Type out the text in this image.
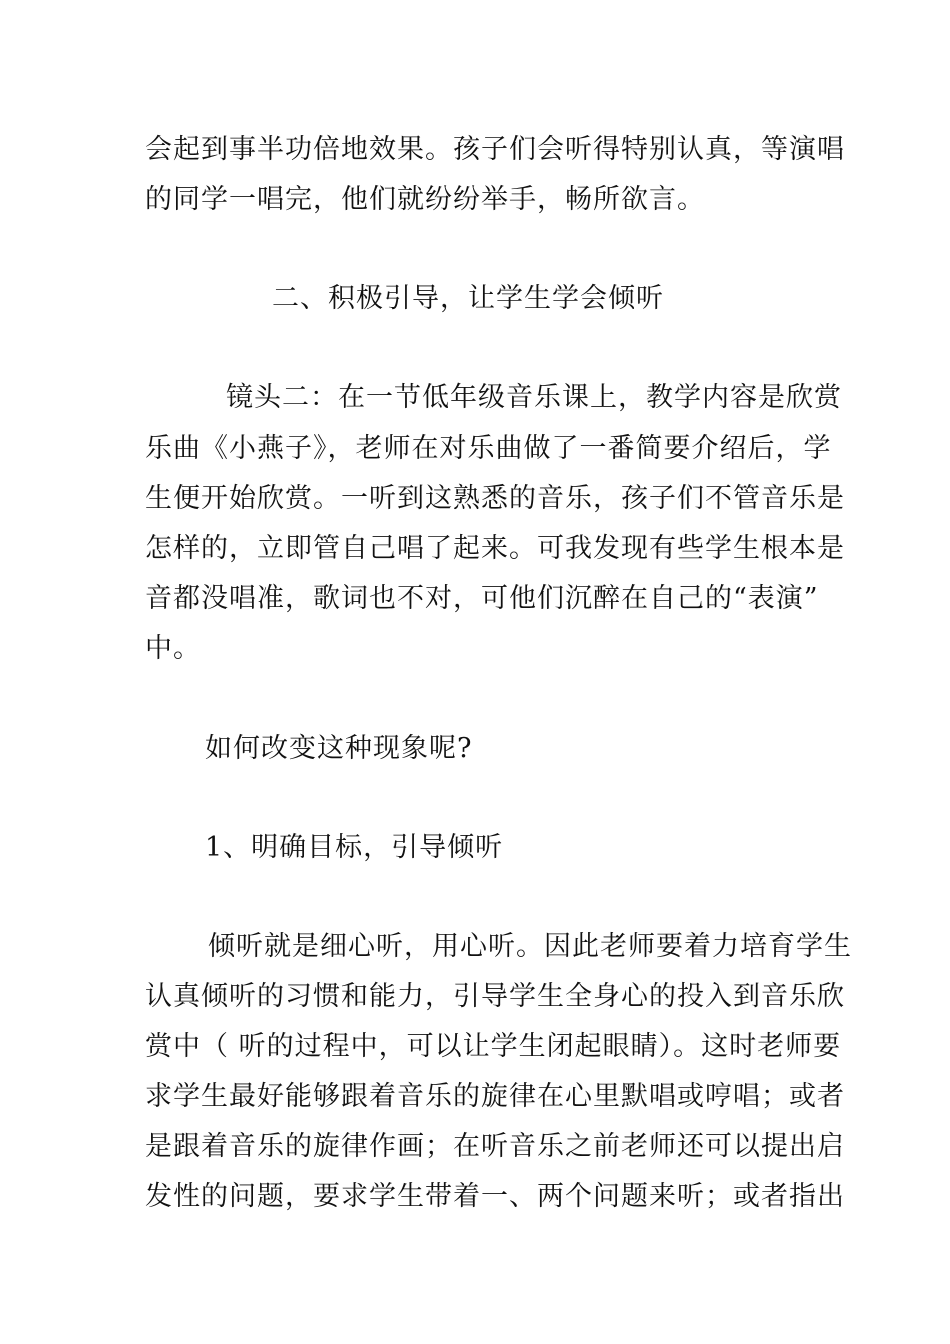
会起到事半功倍地效果。孩子们会听得特别认真，等演唱
的同学一唱完，他们就纷纷举手，畅所欲言。
二、积极引导，让学生学会倾听
镜头二：在一节低年级音乐课上，教学内容是欣赏
乐曲《小燕子》，老师在对乐曲做了一番简要介绍后，学
生便开始欣赏。一听到这熟悉的音乐，孩子们不管音乐是
怎样的，立即管自己唱了起来。可我发现有些学生根本是
音都没唱准，歌词也不对，可他们沉醉在自己的“表演”
中。
如何改变这种现象呢?
1、明确目标，引导倾听
倾听就是细心听，用心听。因此老师要着力培育学生
认真倾听的习惯和能力，引导学生全身心的投入到音乐欣
赏中（ 听的过程中，可以让学生闭起眼睛）。这时老师要
求学生最好能够跟着音乐的旋律在心里默唱或哼唱；或者
是跟着音乐的旋律作画；在听音乐之前老师还可以提出启
发性的问题，要求学生带着一、两个问题来听；或者指出
